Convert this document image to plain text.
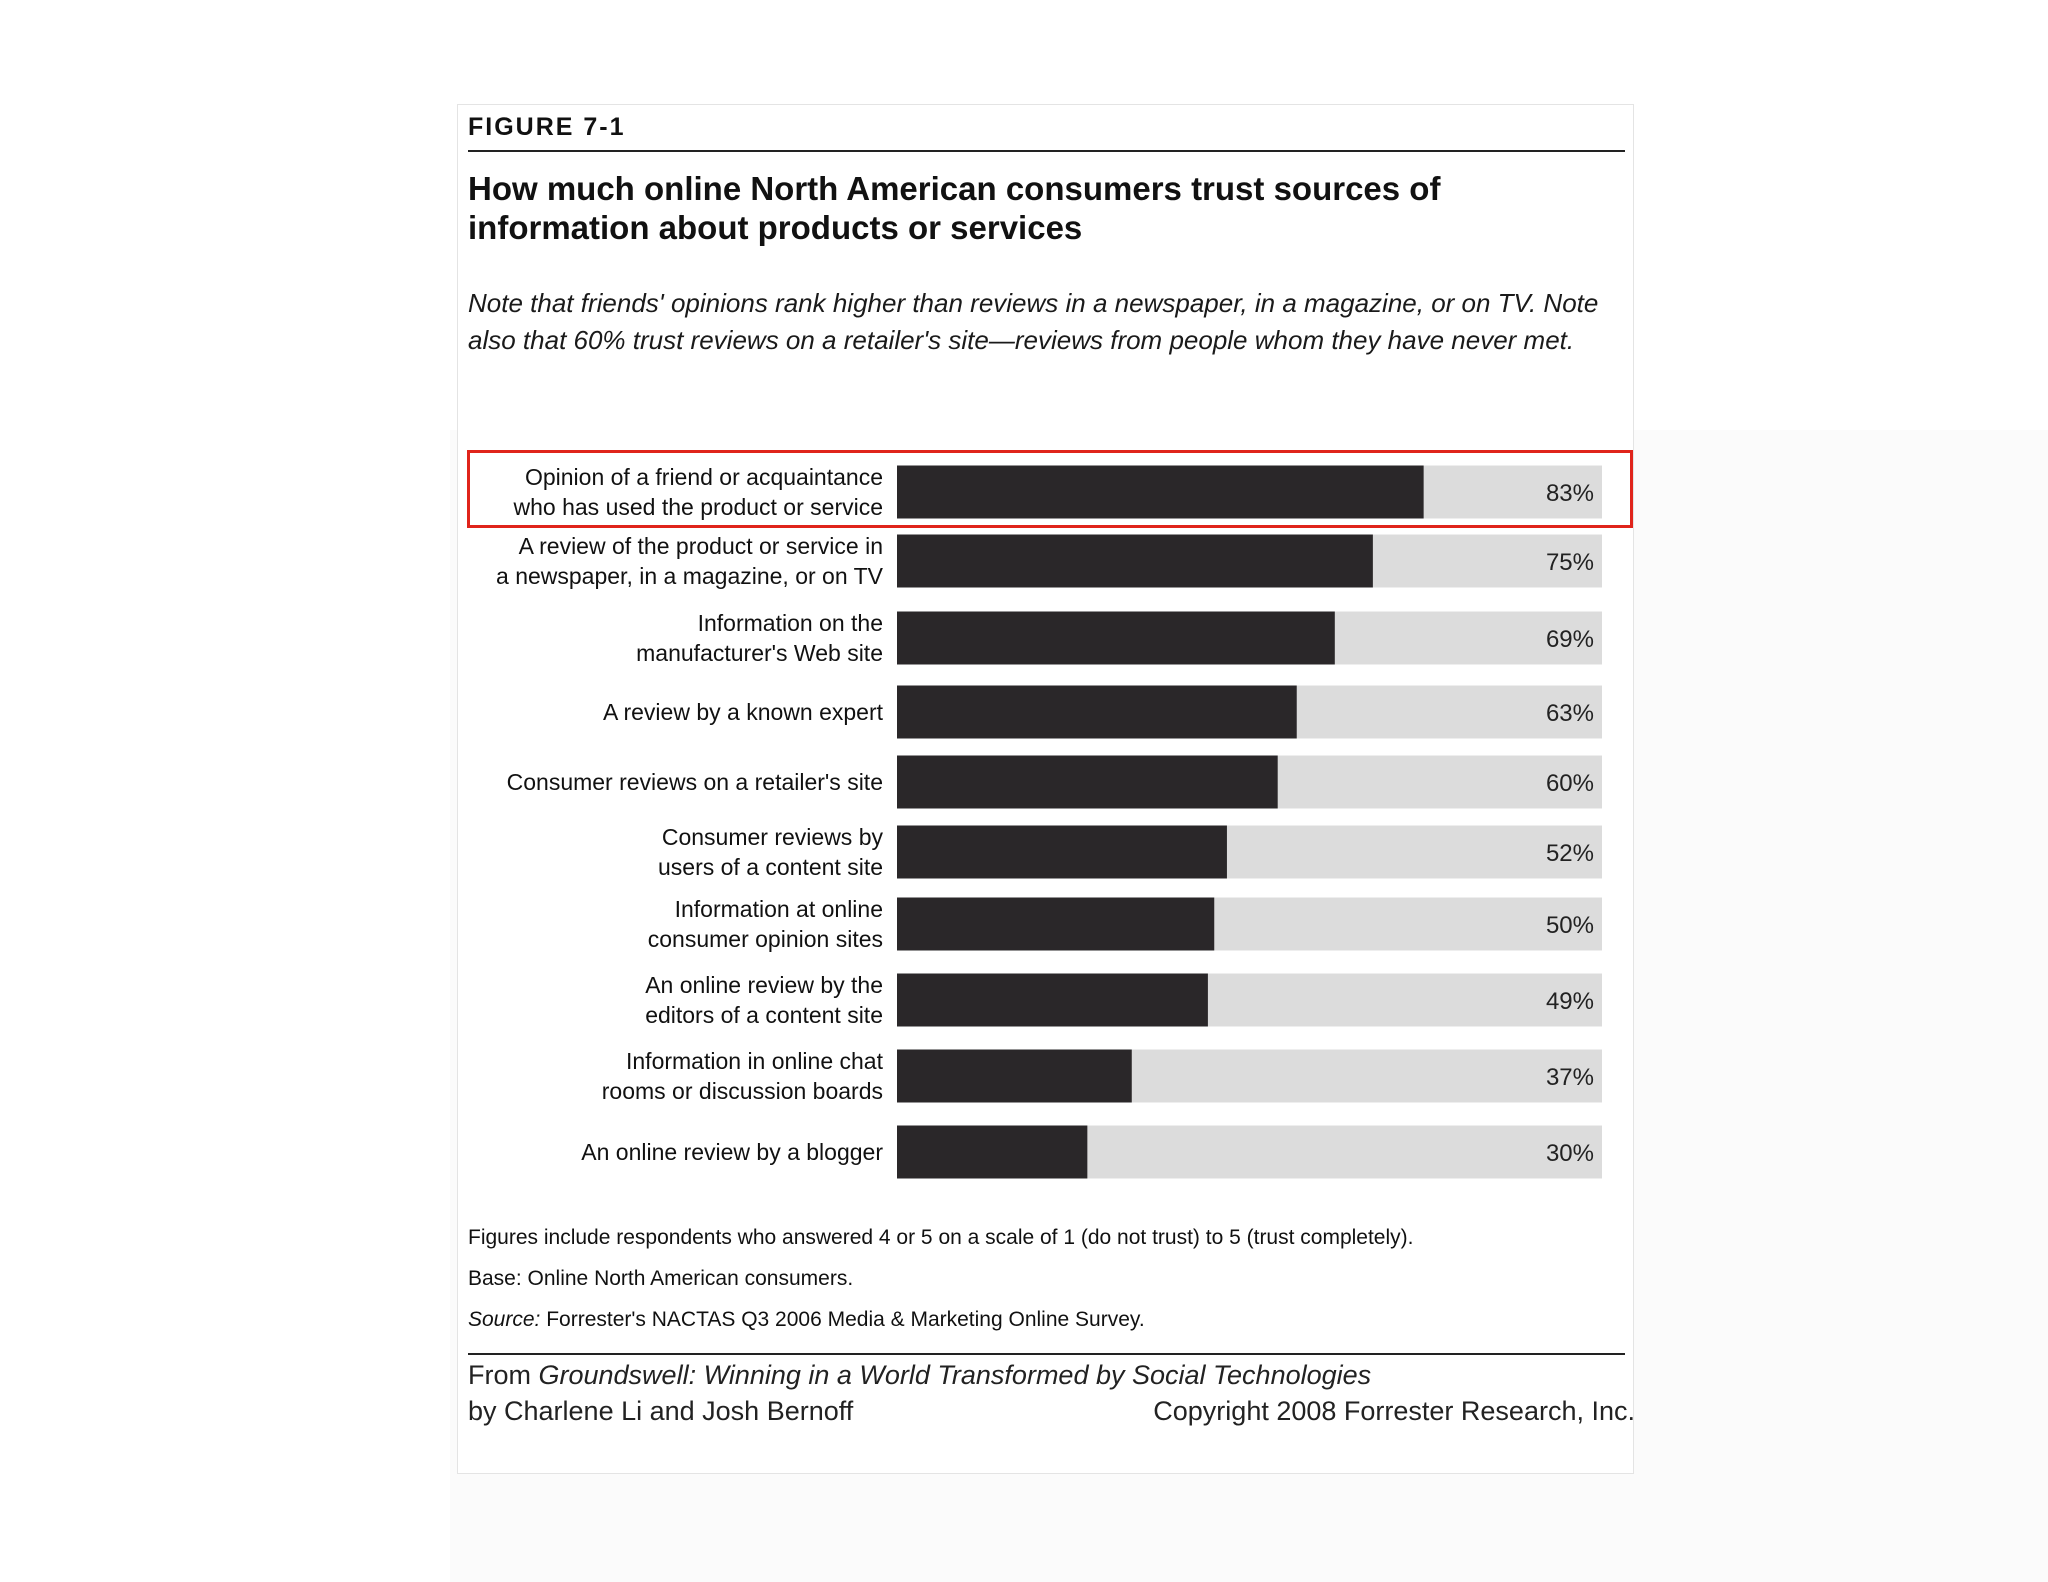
FIGURE 7-1
How much online North American consumers trust sources of information about products or services
Note that friends' opinions rank higher than reviews in a newspaper, in a magazine, or on TV. Note also that 60% trust reviews on a retailer's site—reviews from people whom they have never met.
83%
Opinion of a friend or acquaintance
who has used the product or service
75%
A review of the product or service in
a newspaper, in a magazine, or on TV
69%
Information on the
manufacturer's Web site
63%
A review by a known expert
60%
Consumer reviews on a retailer's site
52%
Consumer reviews by
users of a content site
50%
Information at online
consumer opinion sites
49%
An online review by the
editors of a content site
37%
Information in online chat
rooms or discussion boards
30%
An online review by a blogger
Figures include respondents who answered 4 or 5 on a scale of 1 (do not trust) to 5 (trust completely).
Base: Online North American consumers.
Source: Forrester's NACTAS Q3 2006 Media & Marketing Online Survey.
From Groundswell: Winning in a World Transformed by Social Technologies
by Charlene Li and Josh Bernoff	Copyright 2008 Forrester Research, Inc.
